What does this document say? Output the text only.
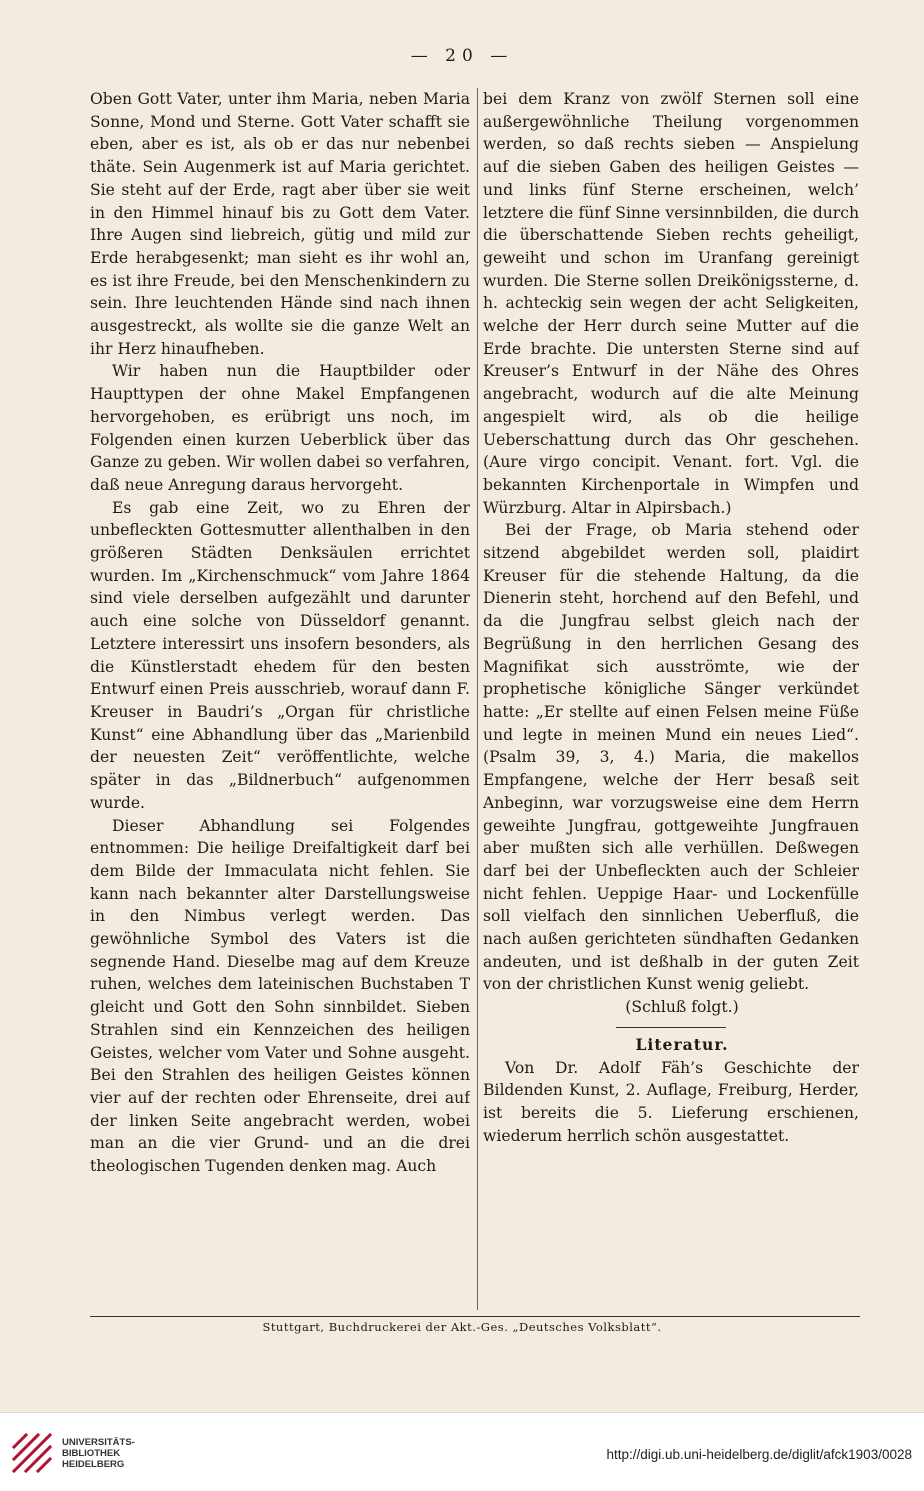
— 20 —

Oben Gott Vater, unter ihm Maria, neben Maria Sonne, Mond und Sterne. Gott Vater schafft sie eben, aber es ist, als ob er das nur nebenbei thäte. Sein Augenmerk ist auf Maria gerichtet. Sie steht auf der Erde, ragt aber über sie weit in den Himmel hinauf bis zu Gott dem Vater. Ihre Augen sind liebreich, gütig und mild zur Erde herabgesenkt; man sieht es ihr wohl an, es ist ihre Freude, bei den Menschenkindern zu sein. Ihre leuchtenden Hände sind nach ihnen ausgestreckt, als wollte sie die ganze Welt an ihr Herz hinaufheben.

Wir haben nun die Hauptbilder oder Haupttypen der ohne Makel Empfangenen hervorgehoben, es erübrigt uns noch, im Folgenden einen kurzen Ueberblick über das Ganze zu geben. Wir wollen dabei so verfahren, daß neue Anregung daraus hervorgeht.

Es gab eine Zeit, wo zu Ehren der unbefleckten Gottesmutter allenthalben in den größeren Städten Denksäulen errichtet wurden. Im „Kirchenschmuck“ vom Jahre 1864 sind viele derselben aufgezählt und darunter auch eine solche von Düsseldorf genannt. Letztere interessirt uns insofern besonders, als die Künstlerstadt ehedem für den besten Entwurf einen Preis ausschrieb, worauf dann F. Kreuser in Baudri’s „Organ für christliche Kunst“ eine Abhandlung über das „Marienbild der neuesten Zeit“ veröffentlichte, welche später in das „Bildnerbuch“ aufgenommen wurde.

Dieser Abhandlung sei Folgendes entnommen: Die heilige Dreifaltigkeit darf bei dem Bilde der Immaculata nicht fehlen. Sie kann nach bekannter alter Darstellungsweise in den Nimbus verlegt werden. Das gewöhnliche Symbol des Vaters ist die segnende Hand. Dieselbe mag auf dem Kreuze ruhen, welches dem lateinischen Buchstaben T gleicht und Gott den Sohn sinnbildet. Sieben Strahlen sind ein Kennzeichen des heiligen Geistes, welcher vom Vater und Sohne ausgeht. Bei den Strahlen des heiligen Geistes können vier auf der rechten oder Ehrenseite, drei auf der linken Seite angebracht werden, wobei man an die vier Grund- und an die drei theologischen Tugenden denken mag. Auch

bei dem Kranz von zwölf Sternen soll eine außergewöhnliche Theilung vorgenommen werden, so daß rechts sieben — Anspielung auf die sieben Gaben des heiligen Geistes — und links fünf Sterne erscheinen, welch’ letztere die fünf Sinne versinnbilden, die durch die überschattende Sieben rechts geheiligt, geweiht und schon im Uranfang gereinigt wurden. Die Sterne sollen Dreikönigssterne, d. h. achteckig sein wegen der acht Seligkeiten, welche der Herr durch seine Mutter auf die Erde brachte. Die untersten Sterne sind auf Kreuser’s Entwurf in der Nähe des Ohres angebracht, wodurch auf die alte Meinung angespielt wird, als ob die heilige Ueberschattung durch das Ohr geschehen. (Aure virgo concipit. Venant. fort. Vgl. die bekannten Kirchenportale in Wimpfen und Würzburg. Altar in Alpirsbach.)

Bei der Frage, ob Maria stehend oder sitzend abgebildet werden soll, plaidirt Kreuser für die stehende Haltung, da die Dienerin steht, horchend auf den Befehl, und da die Jungfrau selbst gleich nach der Begrüßung in den herrlichen Gesang des Magnifikat sich ausströmte, wie der prophetische königliche Sänger verkündet hatte: „Er stellte auf einen Felsen meine Füße und legte in meinen Mund ein neues Lied“. (Psalm 39, 3, 4.) Maria, die makellos Empfangene, welche der Herr besaß seit Anbeginn, war vorzugsweise eine dem Herrn geweihte Jungfrau, gottgeweihte Jungfrauen aber mußten sich alle verhüllen. Deßwegen darf bei der Unbefleckten auch der Schleier nicht fehlen. Ueppige Haar- und Lockenfülle soll vielfach den sinnlichen Ueberfluß, die nach außen gerichteten sündhaften Gedanken andeuten, und ist deßhalb in der guten Zeit von der christlichen Kunst wenig geliebt.

(Schluß folgt.)

Literatur.

Von Dr. Adolf Fäh’s Geschichte der Bildenden Kunst, 2. Auflage, Freiburg, Herder, ist bereits die 5. Lieferung erschienen, wiederum herrlich schön ausgestattet.

Stuttgart, Buchdruckerei der Akt.-Ges. „Deutsches Volksblatt“.
UNIVERSITÄTS-
BIBLIOTHEK
HEIDELBERG
http://digi.ub.uni-heidelberg.de/diglit/afck1903/0028
